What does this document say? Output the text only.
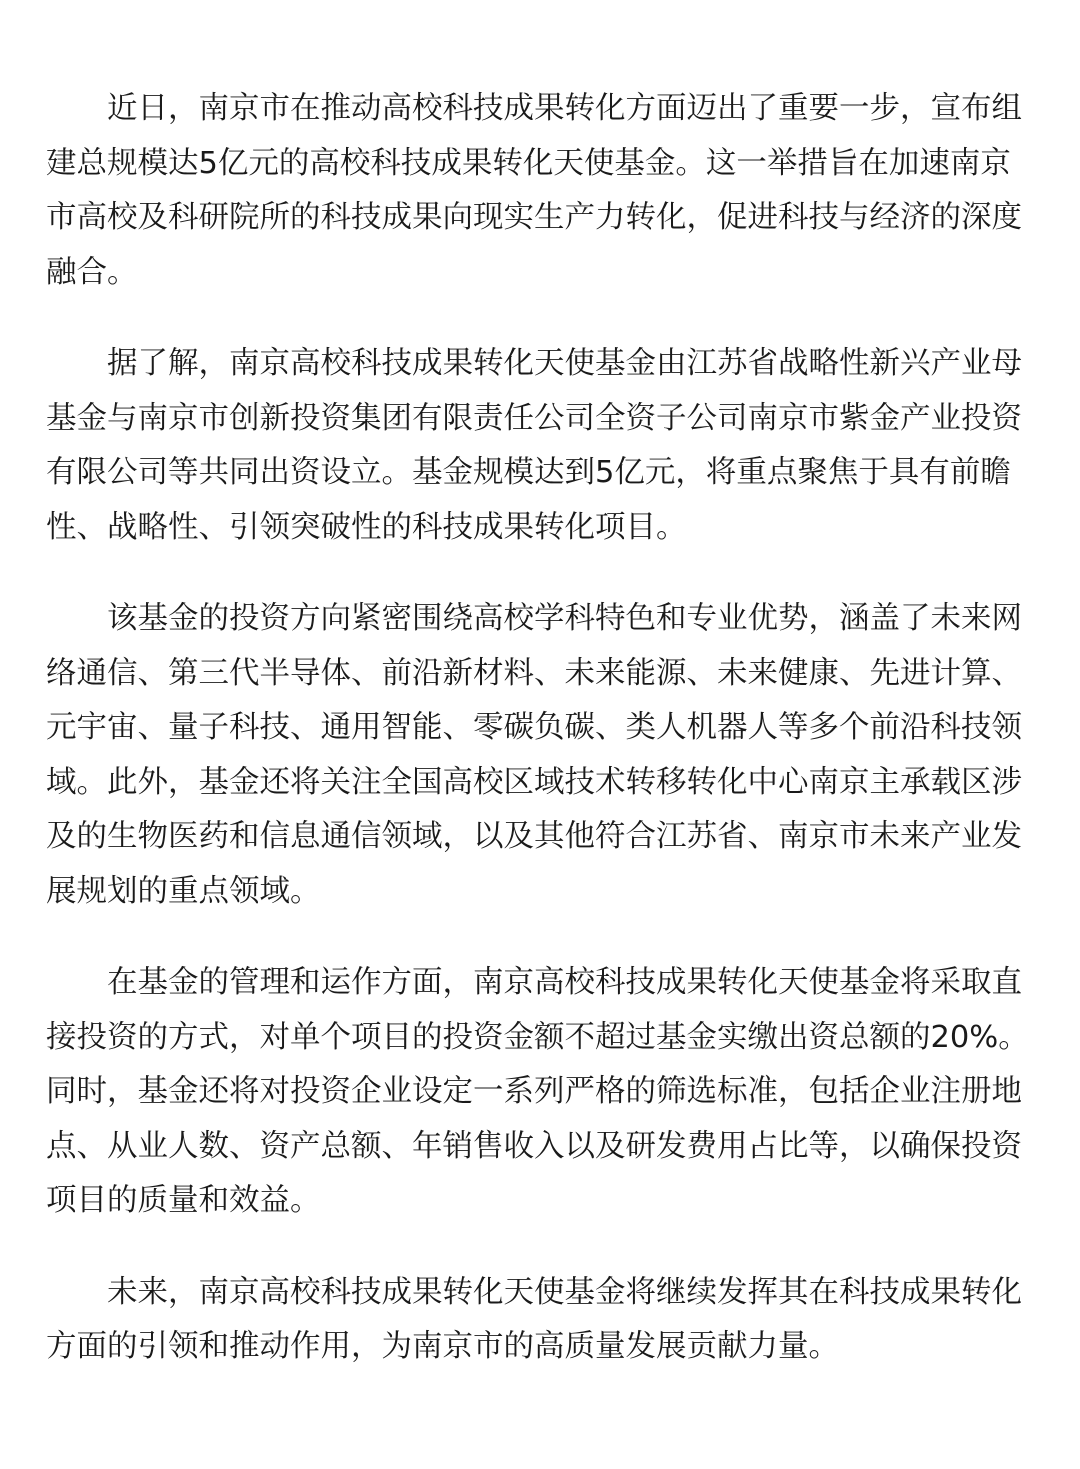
近日，南京市在推动高校科技成果转化方面迈出了重要一步，宣布组建总规模达5亿元的高校科技成果转化天使基金。这一举措旨在加速南京市高校及科研院所的科技成果向现实生产力转化，促进科技与经济的深度融合。

据了解，南京高校科技成果转化天使基金由江苏省战略性新兴产业母基金与南京市创新投资集团有限责任公司全资子公司南京市紫金产业投资有限公司等共同出资设立。基金规模达到5亿元，将重点聚焦于具有前瞻性、战略性、引领突破性的科技成果转化项目。

该基金的投资方向紧密围绕高校学科特色和专业优势，涵盖了未来网络通信、第三代半导体、前沿新材料、未来能源、未来健康、先进计算、元宇宙、量子科技、通用智能、零碳负碳、类人机器人等多个前沿科技领域。此外，基金还将关注全国高校区域技术转移转化中心南京主承载区涉及的生物医药和信息通信领域，以及其他符合江苏省、南京市未来产业发展规划的重点领域。

在基金的管理和运作方面，南京高校科技成果转化天使基金将采取直接投资的方式，对单个项目的投资金额不超过基金实缴出资总额的20%。同时，基金还将对投资企业设定一系列严格的筛选标准，包括企业注册地点、从业人数、资产总额、年销售收入以及研发费用占比等，以确保投资项目的质量和效益。

未来，南京高校科技成果转化天使基金将继续发挥其在科技成果转化方面的引领和推动作用，为南京市的高质量发展贡献力量。
